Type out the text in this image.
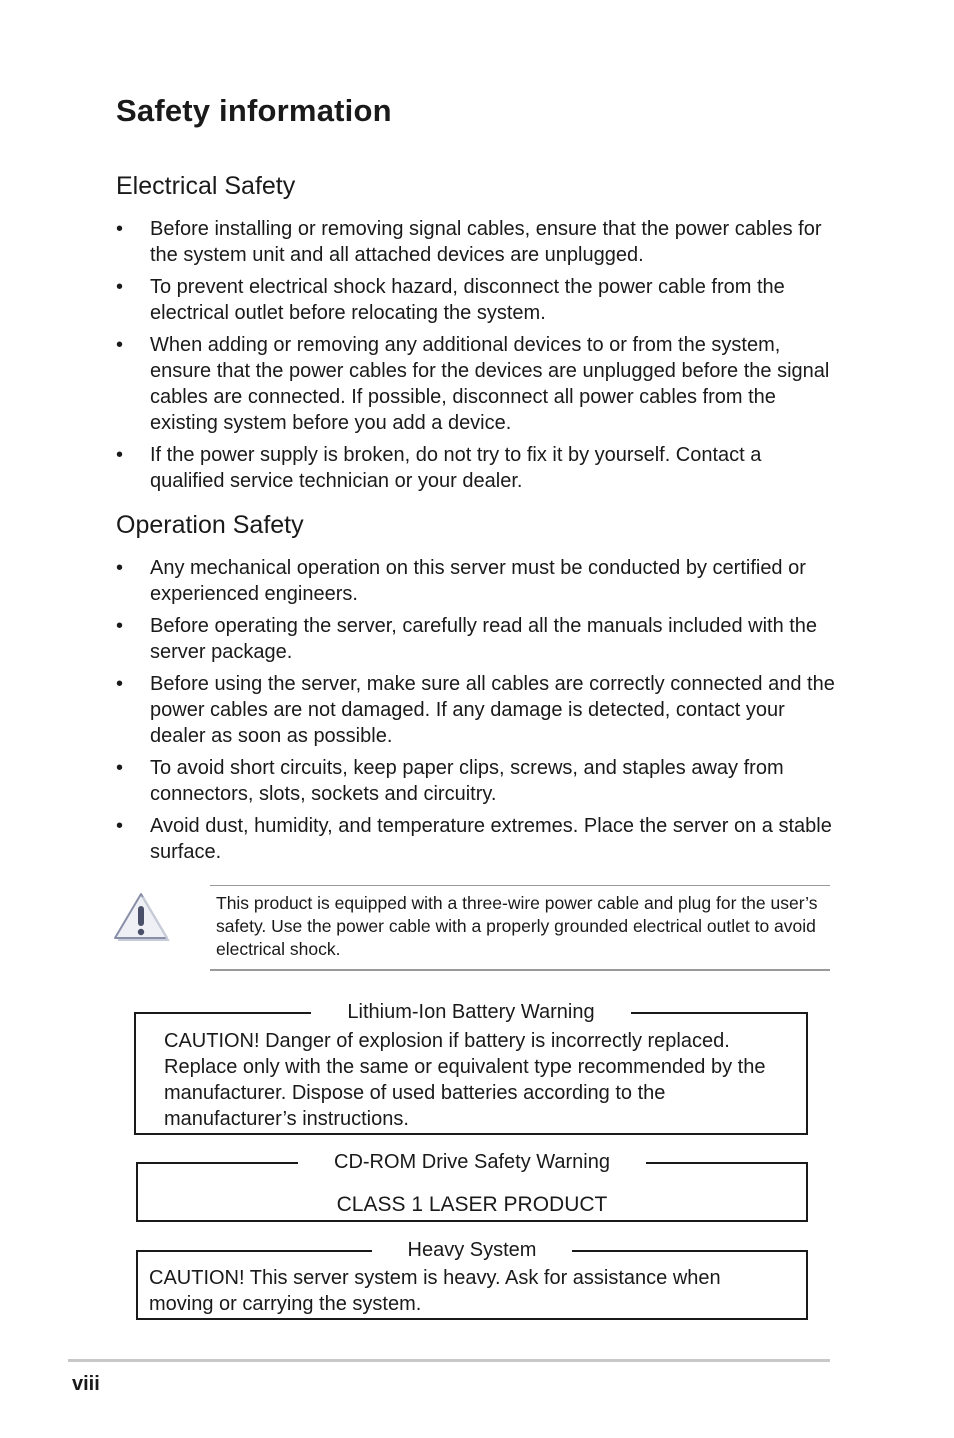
Safety information
Electrical Safety
• Before installing or removing signal cables, ensure that the power cables for the system unit and all attached devices are unplugged.
• To prevent electrical shock hazard, disconnect the power cable from the electrical outlet before relocating the system.
• When adding or removing any additional devices to or from the system, ensure that the power cables for the devices are unplugged before the signal cables are connected. If possible, disconnect all power cables from the existing system before you add a device.
• If the power supply is broken, do not try to fix it by yourself. Contact a qualified service technician or your dealer.
Operation Safety
• Any mechanical operation on this server must be conducted by certified or experienced engineers.
• Before operating the server, carefully read all the manuals included with the server package.
• Before using the server, make sure all cables are correctly connected and the power cables are not damaged. If any damage is detected, contact your dealer as soon as possible.
• To avoid short circuits, keep paper clips, screws, and staples away from connectors, slots, sockets and circuitry.
• Avoid dust, humidity, and temperature extremes. Place the server on a stable surface.
This product is equipped with a three-wire power cable and plug for the user’s safety. Use the power cable with a properly grounded electrical outlet to avoid electrical shock.
Lithium-Ion Battery Warning
CAUTION! Danger of explosion if battery is incorrectly replaced. Replace only with the same or equivalent type recommended by the manufacturer. Dispose of used batteries according to the manufacturer’s instructions.
CD-ROM Drive Safety Warning
CLASS 1 LASER PRODUCT
Heavy System
CAUTION! This server system is heavy. Ask for assistance when moving or carrying the system.
viii
